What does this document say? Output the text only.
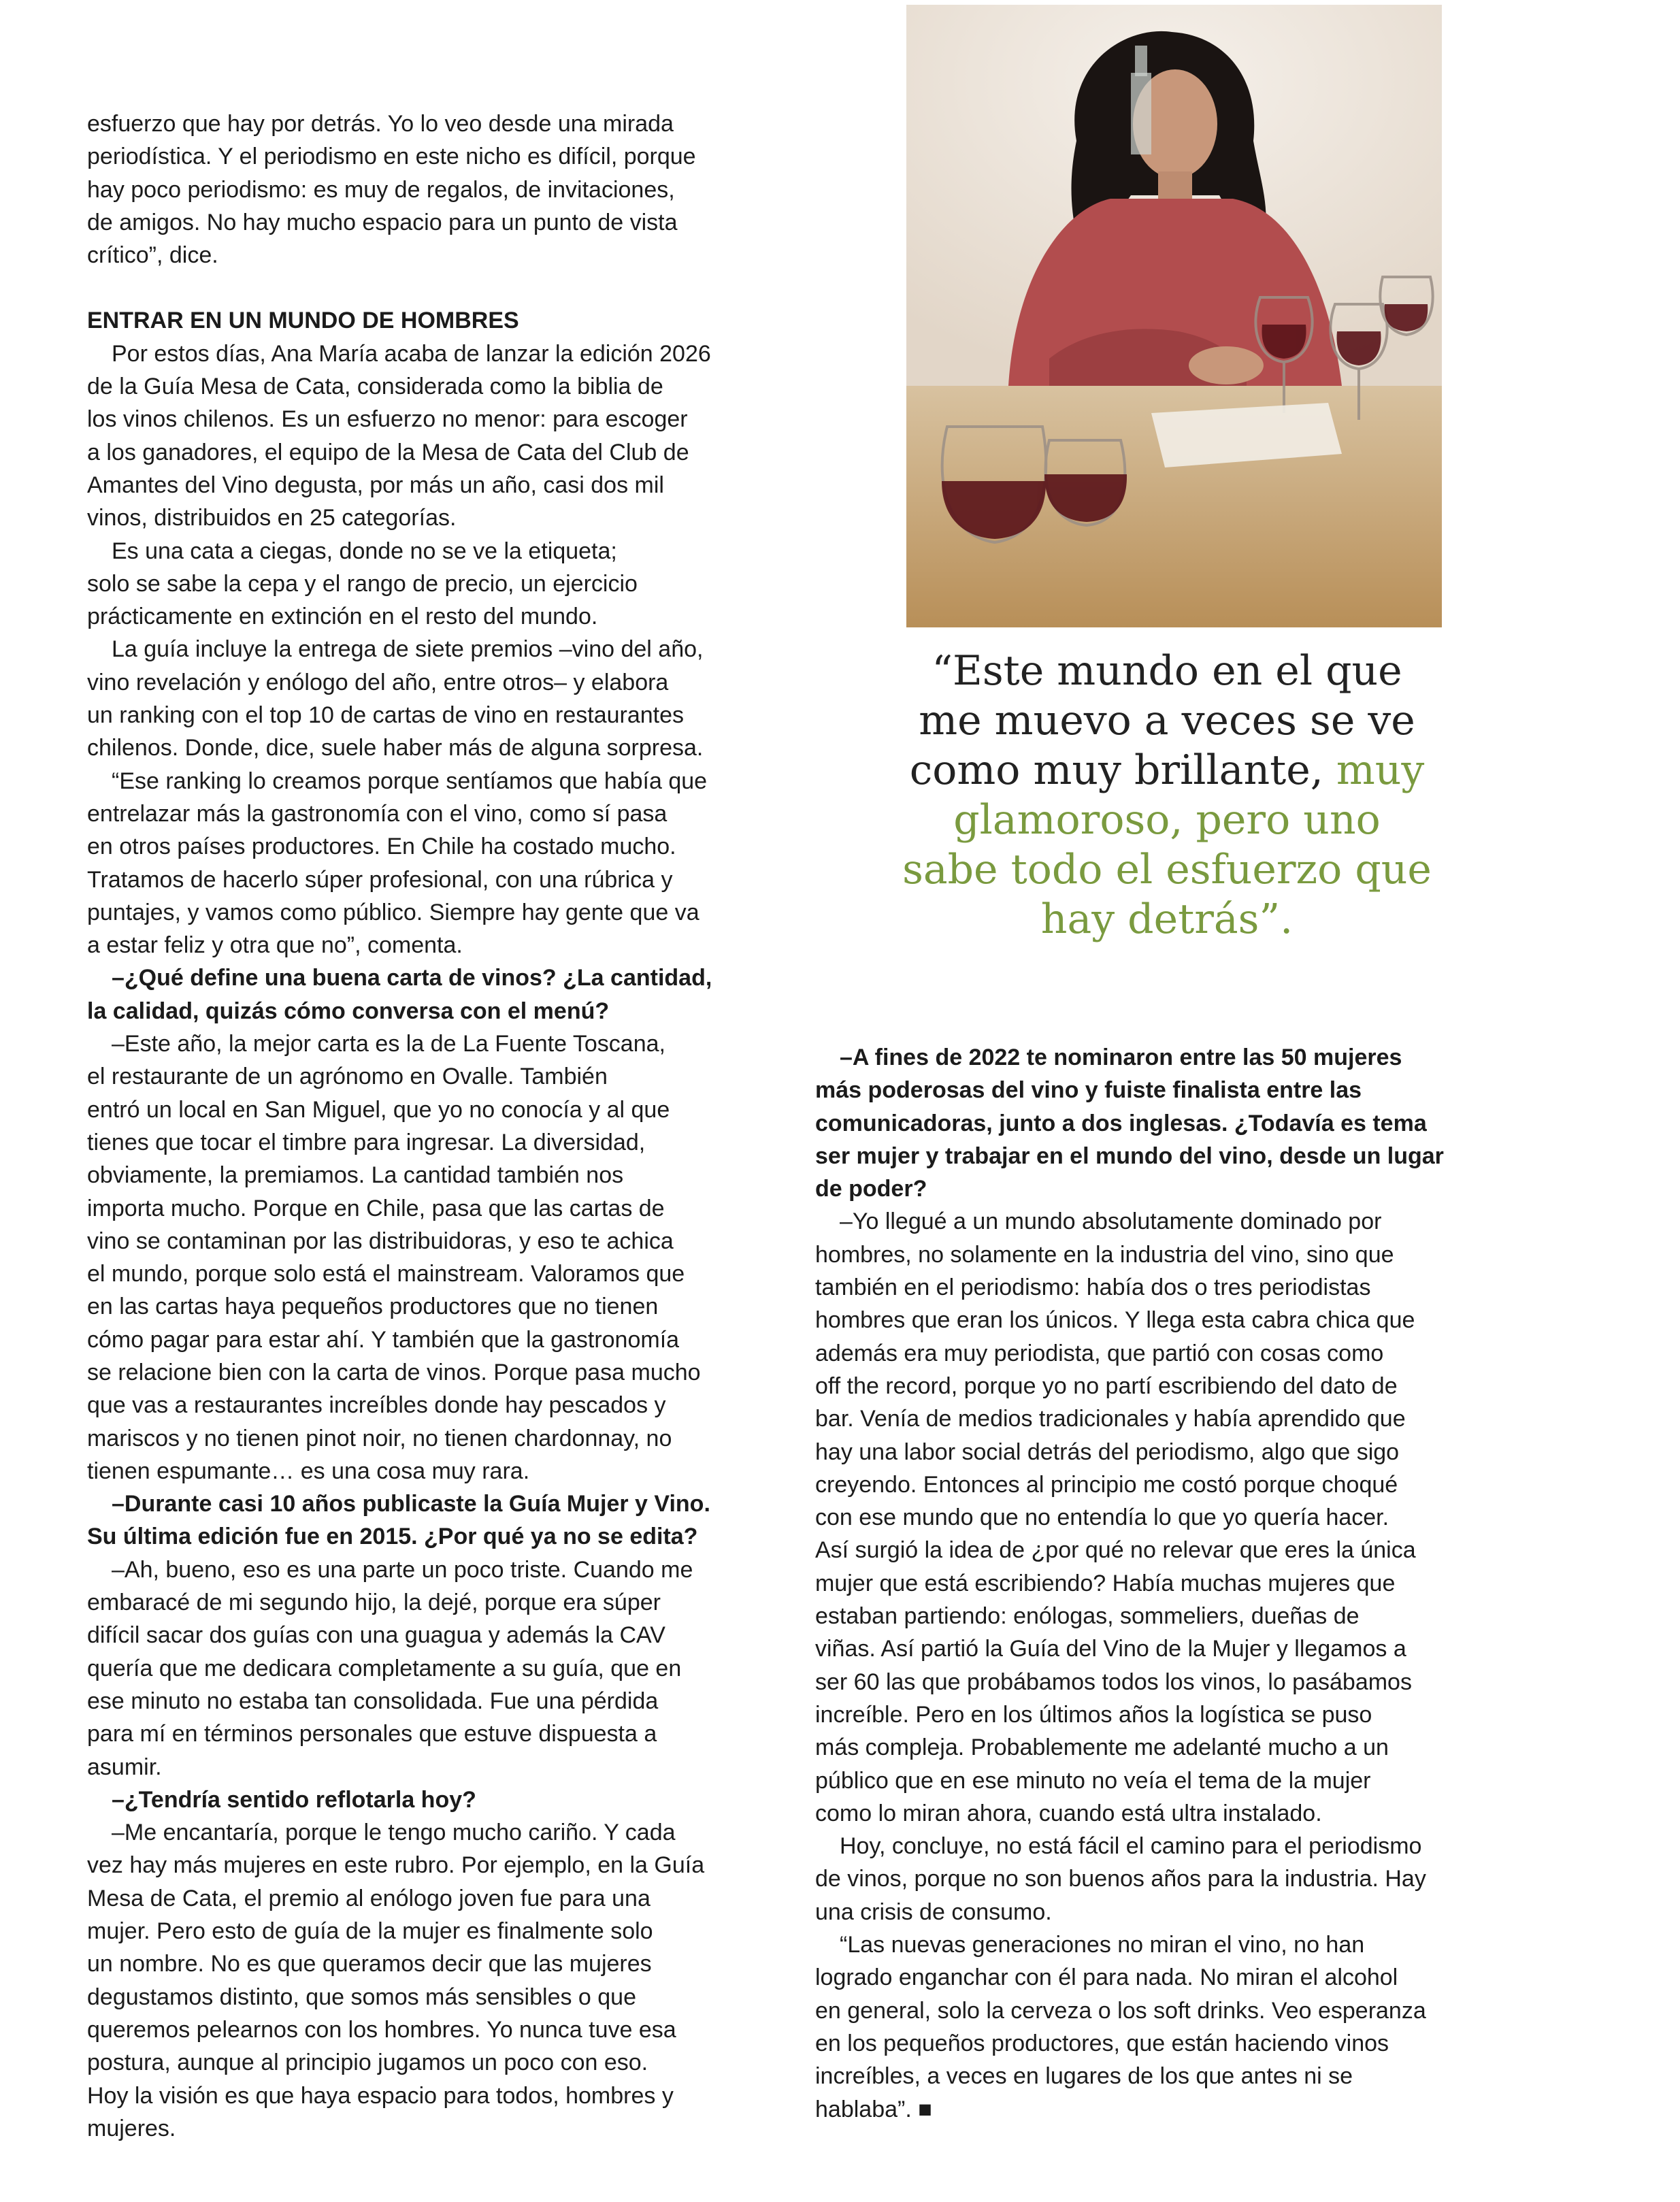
esfuerzo que hay por detrás. Yo lo veo desde una mirada
periodística. Y el periodismo en este nicho es difícil, porque
hay poco periodismo: es muy de regalos, de invitaciones,
de amigos. No hay mucho espacio para un punto de vista
crítico”, dice.
ENTRAR EN UN MUNDO DE HOMBRES
Por estos días, Ana María acaba de lanzar la edición 2026
de la Guía Mesa de Cata, considerada como la biblia de
los vinos chilenos. Es un esfuerzo no menor: para escoger
a los ganadores, el equipo de la Mesa de Cata del Club de
Amantes del Vino degusta, por más un año, casi dos mil
vinos, distribuidos en 25 categorías.
Es una cata a ciegas, donde no se ve la etiqueta;
solo se sabe la cepa y el rango de precio, un ejercicio
prácticamente en extinción en el resto del mundo.
La guía incluye la entrega de siete premios –vino del año,
vino revelación y enólogo del año, entre otros– y elabora
un ranking con el top 10 de cartas de vino en restaurantes
chilenos. Donde, dice, suele haber más de alguna sorpresa.
“Ese ranking lo creamos porque sentíamos que había que
entrelazar más la gastronomía con el vino, como sí pasa
en otros países productores. En Chile ha costado mucho.
Tratamos de hacerlo súper profesional, con una rúbrica y
puntajes, y vamos como público. Siempre hay gente que va
a estar feliz y otra que no”, comenta.
–¿Qué define una buena carta de vinos? ¿La cantidad,
la calidad, quizás cómo conversa con el menú?
–Este año, la mejor carta es la de La Fuente Toscana,
el restaurante de un agrónomo en Ovalle. También
entró un local en San Miguel, que yo no conocía y al que
tienes que tocar el timbre para ingresar. La diversidad,
obviamente, la premiamos. La cantidad también nos
importa mucho. Porque en Chile, pasa que las cartas de
vino se contaminan por las distribuidoras, y eso te achica
el mundo, porque solo está el mainstream. Valoramos que
en las cartas haya pequeños productores que no tienen
cómo pagar para estar ahí. Y también que la gastronomía
se relacione bien con la carta de vinos. Porque pasa mucho
que vas a restaurantes increíbles donde hay pescados y
mariscos y no tienen pinot noir, no tienen chardonnay, no
tienen espumante… es una cosa muy rara.
–Durante casi 10 años publicaste la Guía Mujer y Vino.
Su última edición fue en 2015. ¿Por qué ya no se edita?
–Ah, bueno, eso es una parte un poco triste. Cuando me
embaracé de mi segundo hijo, la dejé, porque era súper
difícil sacar dos guías con una guagua y además la CAV
quería que me dedicara completamente a su guía, que en
ese minuto no estaba tan consolidada. Fue una pérdida
para mí en términos personales que estuve dispuesta a
asumir.
–¿Tendría sentido reflotarla hoy?
–Me encantaría, porque le tengo mucho cariño. Y cada
vez hay más mujeres en este rubro. Por ejemplo, en la Guía
Mesa de Cata, el premio al enólogo joven fue para una
mujer. Pero esto de guía de la mujer es finalmente solo
un nombre. No es que queramos decir que las mujeres
degustamos distinto, que somos más sensibles o que
queremos pelearnos con los hombres. Yo nunca tuve esa
postura, aunque al principio jugamos un poco con eso.
Hoy la visión es que haya espacio para todos, hombres y
mujeres.
“Este mundo en el que
me muevo a veces se ve
como muy brillante, muy
glamoroso, pero uno
sabe todo el esfuerzo que
hay detrás”.
–A fines de 2022 te nominaron entre las 50 mujeres
más poderosas del vino y fuiste finalista entre las
comunicadoras, junto a dos inglesas. ¿Todavía es tema
ser mujer y trabajar en el mundo del vino, desde un lugar
de poder?
–Yo llegué a un mundo absolutamente dominado por
hombres, no solamente en la industria del vino, sino que
también en el periodismo: había dos o tres periodistas
hombres que eran los únicos. Y llega esta cabra chica que
además era muy periodista, que partió con cosas como
off the record, porque yo no partí escribiendo del dato de
bar. Venía de medios tradicionales y había aprendido que
hay una labor social detrás del periodismo, algo que sigo
creyendo. Entonces al principio me costó porque choqué
con ese mundo que no entendía lo que yo quería hacer.
Así surgió la idea de ¿por qué no relevar que eres la única
mujer que está escribiendo? Había muchas mujeres que
estaban partiendo: enólogas, sommeliers, dueñas de
viñas. Así partió la Guía del Vino de la Mujer y llegamos a
ser 60 las que probábamos todos los vinos, lo pasábamos
increíble. Pero en los últimos años la logística se puso
más compleja. Probablemente me adelanté mucho a un
público que en ese minuto no veía el tema de la mujer
como lo miran ahora, cuando está ultra instalado.
Hoy, concluye, no está fácil el camino para el periodismo
de vinos, porque no son buenos años para la industria. Hay
una crisis de consumo.
“Las nuevas generaciones no miran el vino, no han
logrado enganchar con él para nada. No miran el alcohol
en general, solo la cerveza o los soft drinks. Veo esperanza
en los pequeños productores, que están haciendo vinos
increíbles, a veces en lugares de los que antes ni se
hablaba”. ■
